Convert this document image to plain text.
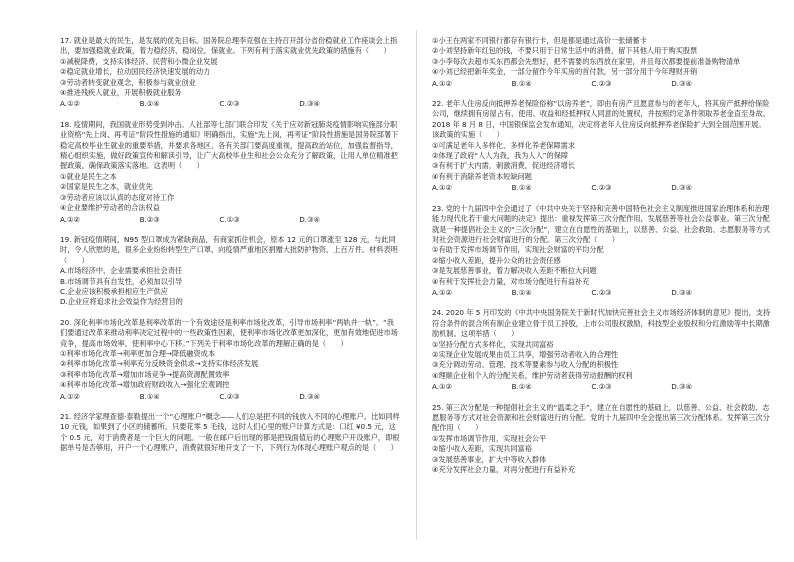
17. 就业是最大的民生，是发展的优先目标。国务院总理李克强在主持召开部分省份稳就业工作座谈会上指出，要加强稳就业政策，着力稳经济、稳岗位，保就业。下列有利于落实就业优先政策的措施有（　　）

①减税降费，支持实体经济、民营和小微企业发展

②稳定就业增长，拉动国民经济快速发展的动力

③劳动者转变就业观念，积极参与就业创业

④推进残疾人就业，开展积极就业服务

A.①②	B.①④	C.②③	D.③④

18. 疫情期间，我国就业形势受到冲击。人社部等七部门联合印发《关于应对新冠肺炎疫情影响实施部分职业资格“先上岗、再考证”阶段性措施的通知》明确指出，实施“先上岗，再考证”阶段性措施是国务院部署下稳定高校毕业生就业的重要举措，并要求各地区、各有关部门要高度重视，提高政治站位，加强监督指导，精心组织实施，做好政策宣传和解读引导，让广大高校毕业生和社会公众充分了解政策，让用人单位精准把握政策，确保政策落实落地。这表明（　　）

①就业是民生之本

②国家是民生之本，就业优先

③劳动者应该以认真的态度对待工作

④企业要维护劳动者的合法权益

A.①②	B.②③	C.①③	D.③④

19. 新冠疫情期间，N95 型口罩成为紧缺商品，有商家抓住机会，原本 12 元的口罩涨至 128 元，与此同时，令人欣慰的是，很多企业纷纷转型生产口罩，向疫情严重地区捐赠大批防护物资，上百万件。材料表明（　　）

A.市场经济中，企业需要承担社会责任

B.市场调节具有自发性，必须加以引导

C.企业应该积极承担相应生产供应

D.企业应将追求社会效益作为经营目的

20. 深化利率市场化改革是利率改革的一个有效途径是利率市场化改革，引导市场利率“两轨并一轨”。“我们要通过改革来推动利率决定过程中的一些政策性因素，使利率市场化改革更加深化，更加有效地促进市场竞争，提高市场效率，使利率中心下移。”下列关于利率市场化改革的理解正确的是（　　）

①利率市场化改革→利率更加合理→降低融资成本

②利率市场化改革→利率充分反映资金供求→支持实体经济发展

③利率市场化改革→增加市场竞争→提高资源配置效率

④利率市场化改革→增加政府财政收入→强化宏观调控

A.①②	B.①④	C.②③	D.③④

21. 经济学家理查德·泰勒提出一个“心理账户”概念——人们总是把不同的钱放入不同的心理账户。比如同样 10 元钱，如果到了小区的储蓄所，只要花零 5 毛钱，这时人们心里的账户计算方式是：口红 ¥0.5 元，这个 0.5 元，对于消费者是一个巨大的问题。一般在邮户后出现的都是把钱面值后的心理账户开设账户，即根据单号是否够用，开户一个心理账户，消费就很好地开支了一下，下列行为体现心理账户观点的是（　　）

①小王在两家不同银行都存有银行卡，但是都是通过高价一张储蓄卡

②小刘坚持新年红包的钱，不要只用于日常生活中的消费，留下其他人用于购买股票

③小李每次去超市买东西都会先想好，把不需要的东西放在家里，并且每次都要提前准备购物清单

④小刘已经把新年奖金，一部分留作今年买房的首付款，另一部分用于今年理财开销

A.①②	B.①④	C.②③	D.③④

22. 老年人住房反向抵押养老保险俗称“以房养老”，即由有房产且愿意参与的老年人，将其房产抵押给保险公司，继续拥有房屋占有、使用、收益和经抵押权人同意的处置权，并按照约定条件领取养老金直至身故。2018 年 8 月 8 日，中国银保监会发布通知，决定将老年人住房反向抵押养老保险扩大到全国范围开展。该政策的实施（　　）

①可满足老年人多样化、多样化养老保障需求

②体现了政府“人人为我，我为人人”的保障

③有利于扩大内需，刺激消费，促进经济增长

④有利于消除养老资本短缺问题

A.①②	B.①④	C.②③	D.③④

23. 党的十九届四中全会通过了《中共中央关于坚持和完善中国特色社会主义制度推进国家治理体系和治理能力现代化若干重大问题的决定》提出：重视发挥第三次分配作用，发展慈善等社会公益事业。第三次分配就是一种提倡社会主义的“三次分配”，建立在自愿性的基础上，以慈善、公益、社会救助、志愿服务等方式对社会资源进行社会财富进行的分配。第三次分配（　　）

①有助于发挥市场调节作用，实现社会财富的平均分配

②缩小收入差距，提升公众的社会责任感

③是发展慈善事业，着力解决收入差距不断拉大问题

④有利于发挥社会力量，对市场分配进行有益补充

A.①②	B.①④	C.②③	D.③④

24. 2020 年 5 月印发的《中共中央国务院关于新时代加快完善社会主义市场经济体制的意见》提出，支持符合条件的混合所有制企业建立骨干员工持股，上市公司股权激励，科技型企业股权和分红激励等中长期激励机制。这项举措（　　）

①坚持分配方式多样化，实现共同富裕

②实现企业发展成果由员工共享，增强劳动者收入的合理性

③充分调动劳动、管理、技术等要素参与收入分配的积极性

④理顺企业和个人的分配关系，维护劳动者获得劳动报酬的权利

A.①②	B.①④	C.②③	D.③④

25. 第三次分配是一种提倡社会主义的“温柔之手”，建立在自愿性的基础上，以慈善、公益、社会救助、志愿服务等方式对社会资源和社会财富进行的分配。党的十九届四中全会提出第三次分配体系。发挥第三次分配作用（　　）

①发挥市场调节作用，实现社会公平

②缩小收入差距，实现共同富裕

③发展慈善事业，扩大中等收入群体

④充分发挥社会力量，对再分配进行有益补充
